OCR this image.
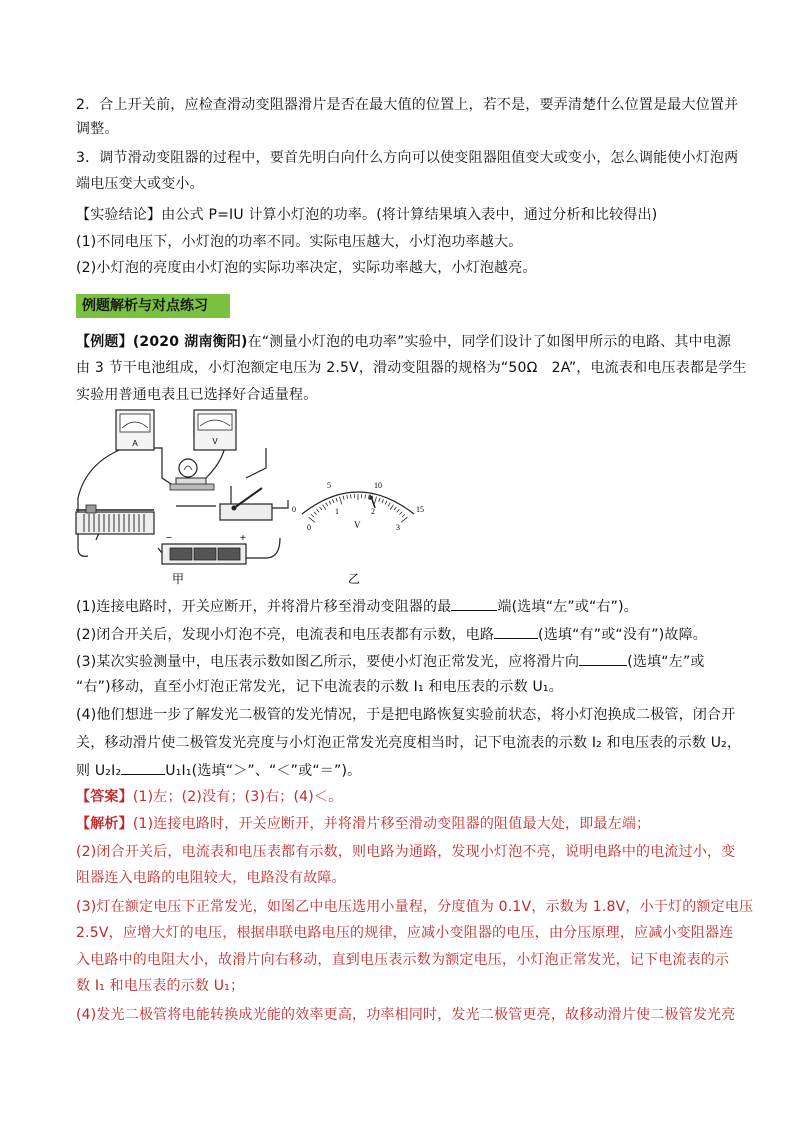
2．合上开关前，应检查滑动变阻器滑片是否在最大值的位置上，若不是，要弄清楚什么位置是最大位置并
调整。
3．调节滑动变阻器的过程中，要首先明白向什么方向可以使变阻器阻值变大或变小，怎么调能使小灯泡两
端电压变大或变小。
【实验结论】由公式 P=IU 计算小灯泡的功率。(将计算结果填入表中，通过分析和比较得出)
(1)不同电压下，小灯泡的功率不同。实际电压越大，小灯泡功率越大。
(2)小灯泡的亮度由小灯泡的实际功率决定，实际功率越大，小灯泡越亮。
例题解析与对点练习
【例题】(2020 湖南衡阳)在“测量小灯泡的电功率”实验中，同学们设计了如图甲所示的电路、其中电源
由 3 节干电池组成，小灯泡额定电压为 2.5V，滑动变阻器的规格为“50Ω　2A”，电流表和电压表都是学生
实验用普通电表且已选择好合适量程。
A	V
−	+
甲
0
5	10
15
0
1	2
3
V
乙
(1)连接电路时，开关应断开，并将滑片移至滑动变阻器的最	端(选填“左”或“右”)。
(2)闭合开关后，发现小灯泡不亮，电流表和电压表都有示数，电路	(选填“有”或“没有”)故障。
(3)某次实验测量中，电压表示数如图乙所示，要使小灯泡正常发光，应将滑片向	(选填“左”或
“右”)移动，直至小灯泡正常发光，记下电流表的示数 I₁ 和电压表的示数 U₁。
(4)他们想进一步了解发光二极管的发光情况，于是把电路恢复实验前状态，将小灯泡换成二极管，闭合开
关，移动滑片使二极管发光亮度与小灯泡正常发光亮度相当时，记下电流表的示数 I₂ 和电压表的示数 U₂，
则 U₂I₂	U₁I₁(选填“＞”、“＜”或“＝”)。
【答案】(1)左；(2)没有；(3)右；(4)＜。
【解析】(1)连接电路时，开关应断开，并将滑片移至滑动变阻器的阻值最大处，即最左端；
(2)闭合开关后，电流表和电压表都有示数，则电路为通路，发现小灯泡不亮，说明电路中的电流过小，变
阻器连入电路的电阻较大，电路没有故障。
(3)灯在额定电压下正常发光，如图乙中电压选用小量程，分度值为 0.1V，示数为 1.8V，小于灯的额定电压
2.5V，应增大灯的电压，根据串联电路电压的规律，应减小变阻器的电压，由分压原理，应减小变阻器连
入电路中的电阻大小，故滑片向右移动，直到电压表示数为额定电压，小灯泡正常发光，记下电流表的示
数 I₁ 和电压表的示数 U₁；
(4)发光二极管将电能转换成光能的效率更高，功率相同时，发光二极管更亮，故移动滑片使二极管发光亮
